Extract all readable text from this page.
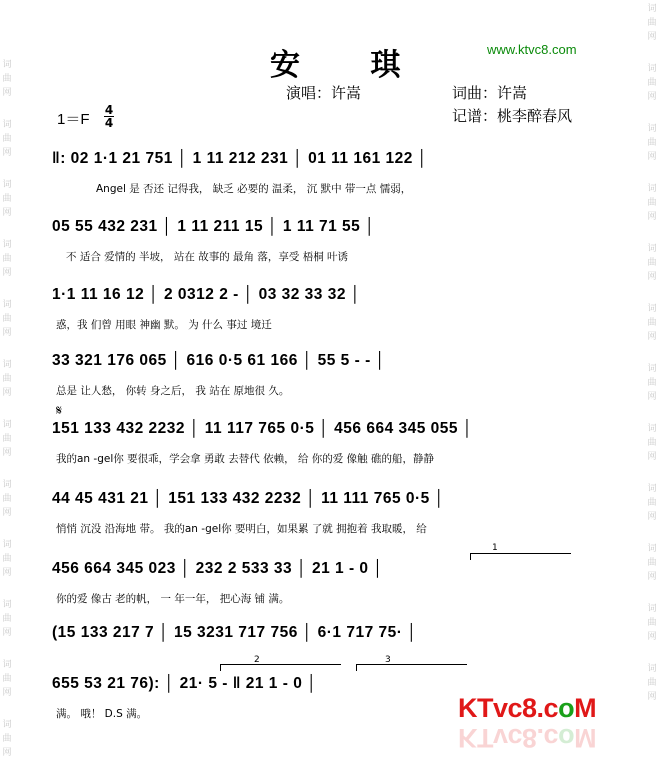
词
曲
网
词
曲
网
词
曲
网
词
曲
网
词
曲
网
词
曲
网
词
曲
网
词
曲
网
词
曲
网
词
曲
网
词
曲
网
词
曲
网
词
曲
网
词
曲
网
词
曲
网
词
曲
网
词
曲
网
词
曲
网
词
曲
网
词
曲
网
词
曲
网
词
曲
网
词
曲
网
词
曲
网
安 琪	www.ktvc8.com
演唱：许嵩	词曲：许嵩
记谱：桃李醉春风
1＝F
4
4
‖: 02 1·1 21 751 │ 1 11 212 231 │ 01 11 161 122 │
Angel 是 否还 记得我， 缺乏 必要的 温柔， 沉 默中 带一点 懦弱，
05 55 432 231 │ 1 11 211 15 │ 1 11 71 55 │
不 适合 爱情的 半坡， 站在 故事的 最角 落，享受 梧桐 叶诱
1·1 11 16 12 │ 2 0312 2 - │ 03 32 33 32 │
惑，我 们曾 用眼 神幽 默。 为 什么 事过 境迁
33 321 176 065 │ 616 0·5 61 166 │ 55 5 - - │
总是 让人愁， 你转 身之后， 我 站在 原地很 久。
𝄋
151 133 432 2232 │ 11 117 765 0·5 │ 456 664 345 055 │
我的an -gel你 要很乖，学会拿 勇敢 去替代 依赖， 给 你的爱 像触 礁的船，静静
44 45 431 21 │ 151 133 432 2232 │ 11 111 765 0·5 │
悄悄 沉没 沿海地 带。 我的an -gel你 要明白，如果累 了就 拥抱着 我取暖， 给
1
456 664 345 023 │ 232 2 533 33 │ 21 1 - 0 │
你的爱 像古 老的帆， 一 年一年， 把心海 铺 满。
(15 133 217 7 │ 15 3231 717 756 │ 6·1 717 75· │
2	3
655 53 21 76): │ 21· 5 - ‖ 21 1 - 0 │
满。 哦！ D.S 满。	KTvc8.coM
KTvc8.coM
